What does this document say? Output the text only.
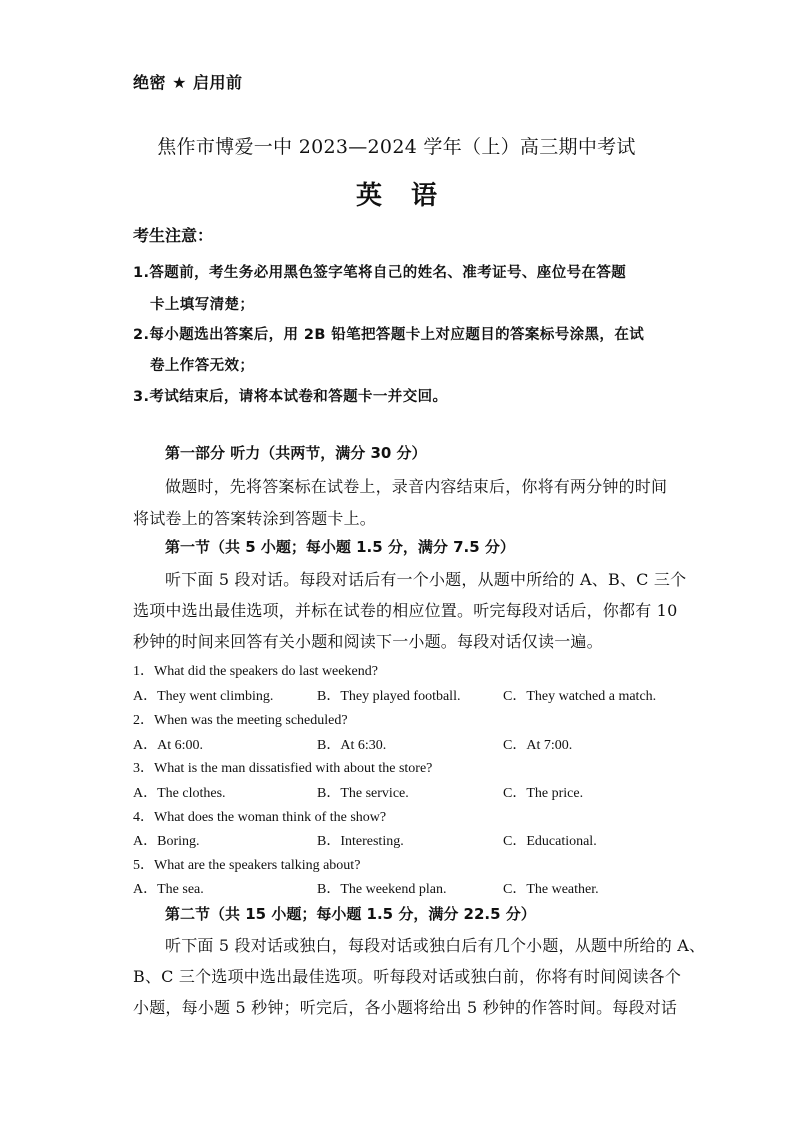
绝密 ★ 启用前
焦作市博爱一中 2023—2024 学年（上）高三期中考试
英 语
考生注意：
1.答题前，考生务必用黑色签字笔将自己的姓名、准考证号、座位号在答题
卡上填写清楚；
2.每小题选出答案后，用 2B 铅笔把答题卡上对应题目的答案标号涂黑，在试
卷上作答无效；
3.考试结束后，请将本试卷和答题卡一并交回。
第一部分 听力（共两节，满分 30 分）
做题时，先将答案标在试卷上，录音内容结束后，你将有两分钟的时间
将试卷上的答案转涂到答题卡上。
第一节（共 5 小题；每小题 1.5 分，满分 7.5 分）
听下面 5 段对话。每段对话后有一个小题，从题中所给的 A、B、C 三个
选项中选出最佳选项，并标在试卷的相应位置。听完每段对话后，你都有 10
秒钟的时间来回答有关小题和阅读下一小题。每段对话仅读一遍。
1．What did the speakers do last weekend?
A．They went climbing.	B．They played football.	C．They watched a match.
2．When was the meeting scheduled?
A．At 6:00.	B．At 6:30.	C．At 7:00.
3．What is the man dissatisfied with about the store?
A．The clothes.	B．The service.	C．The price.
4．What does the woman think of the show?
A．Boring.	B．Interesting.	C．Educational.
5．What are the speakers talking about?
A．The sea.	B．The weekend plan.	C．The weather.
第二节（共 15 小题；每小题 1.5 分，满分 22.5 分）
听下面 5 段对话或独白，每段对话或独白后有几个小题，从题中所给的 A、
B、C 三个选项中选出最佳选项。听每段对话或独白前，你将有时间阅读各个
小题，每小题 5 秒钟；听完后，各小题将给出 5 秒钟的作答时间。每段对话
